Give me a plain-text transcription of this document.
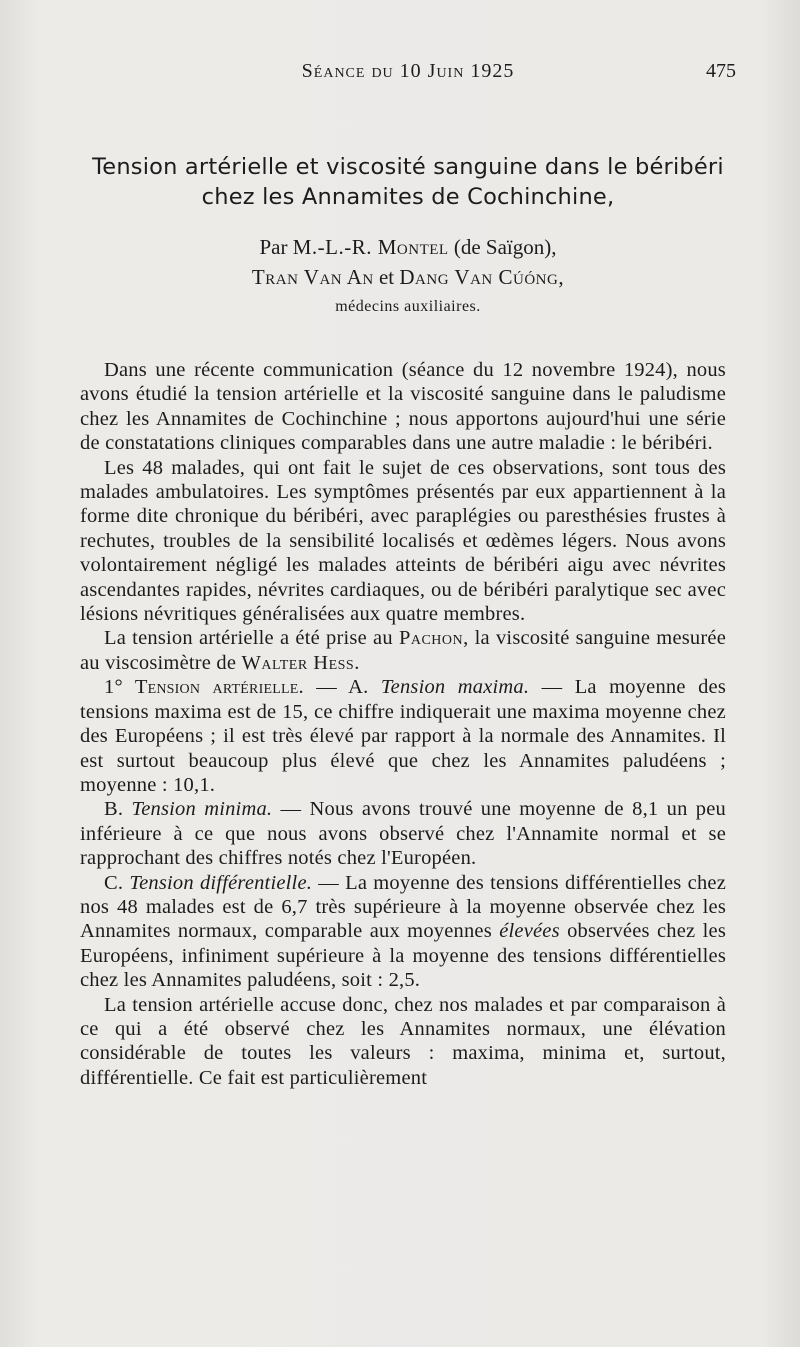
Séance du 10 Juin 1925	475
Tension artérielle et viscosité sanguine dans le béribéri
chez les Annamites de Cochinchine,
Par M.-L.-R. Montel (de Saïgon),
Tran Van An et Dang Van Cúóng,
médecins auxiliaires.

Dans une récente communication (séance du 12 novembre 1924), nous avons étudié la tension artérielle et la viscosité sanguine dans le paludisme chez les Annamites de Cochinchine ; nous apportons aujourd'hui une série de constatations cliniques comparables dans une autre maladie : le béribéri.

Les 48 malades, qui ont fait le sujet de ces observations, sont tous des malades ambulatoires. Les symptômes présentés par eux appartiennent à la forme dite chronique du béribéri, avec paraplégies ou paresthésies frustes à rechutes, troubles de la sensibilité localisés et œdèmes légers. Nous avons volontairement négligé les malades atteints de béribéri aigu avec névrites ascendantes rapides, névrites cardiaques, ou de béribéri paralytique sec avec lésions névritiques généralisées aux quatre membres.

La tension artérielle a été prise au Pachon, la viscosité sanguine mesurée au viscosimètre de Walter Hess.

1° Tension artérielle. — A. Tension maxima. — La moyenne des tensions maxima est de 15, ce chiffre indiquerait une maxima moyenne chez des Européens ; il est très élevé par rapport à la normale des Annamites. Il est surtout beaucoup plus élevé que chez les Annamites paludéens ; moyenne : 10,1.

B. Tension minima. — Nous avons trouvé une moyenne de 8,1 un peu inférieure à ce que nous avons observé chez l'Annamite normal et se rapprochant des chiffres notés chez l'Européen.

C. Tension différentielle. — La moyenne des tensions différentielles chez nos 48 malades est de 6,7 très supérieure à la moyenne observée chez les Annamites normaux, comparable aux moyennes élevées observées chez les Européens, infiniment supérieure à la moyenne des tensions différentielles chez les Annamites paludéens, soit : 2,5.

La tension artérielle accuse donc, chez nos malades et par comparaison à ce qui a été observé chez les Annamites normaux, une élévation considérable de toutes les valeurs : maxima, minima et, surtout, différentielle. Ce fait est particulièrement
